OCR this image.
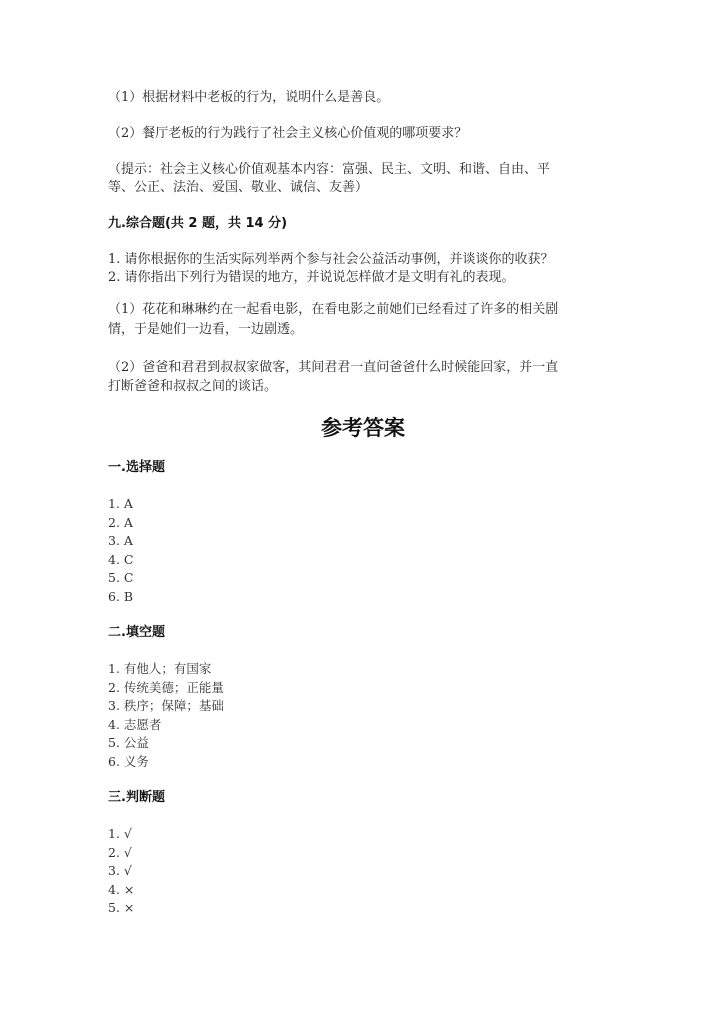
（1）根据材料中老板的行为，说明什么是善良。
（2）餐厅老板的行为践行了社会主义核心价值观的哪项要求？
（提示：社会主义核心价值观基本内容：富强、民主、文明、和谐、自由、平
等、公正、法治、爱国、敬业、诚信、友善）
九.综合题(共 2 题，共 14 分)
1. 请你根据你的生活实际列举两个参与社会公益活动事例，并谈谈你的收获？
2. 请你指出下列行为错误的地方，并说说怎样做才是文明有礼的表现。
（1）花花和琳琳约在一起看电影，在看电影之前她们已经看过了许多的相关剧
情，于是她们一边看，一边剧透。
（2）爸爸和君君到叔叔家做客，其间君君一直问爸爸什么时候能回家，并一直
打断爸爸和叔叔之间的谈话。
参考答案
一.选择题
1. A
2. A
3. A
4. C
5. C
6. B
二.填空题
1. 有他人；有国家
2. 传统美德；正能量
3. 秩序；保障；基础
4. 志愿者
5. 公益
6. 义务
三.判断题
1. √
2. √
3. √
4. ×
5. ×
